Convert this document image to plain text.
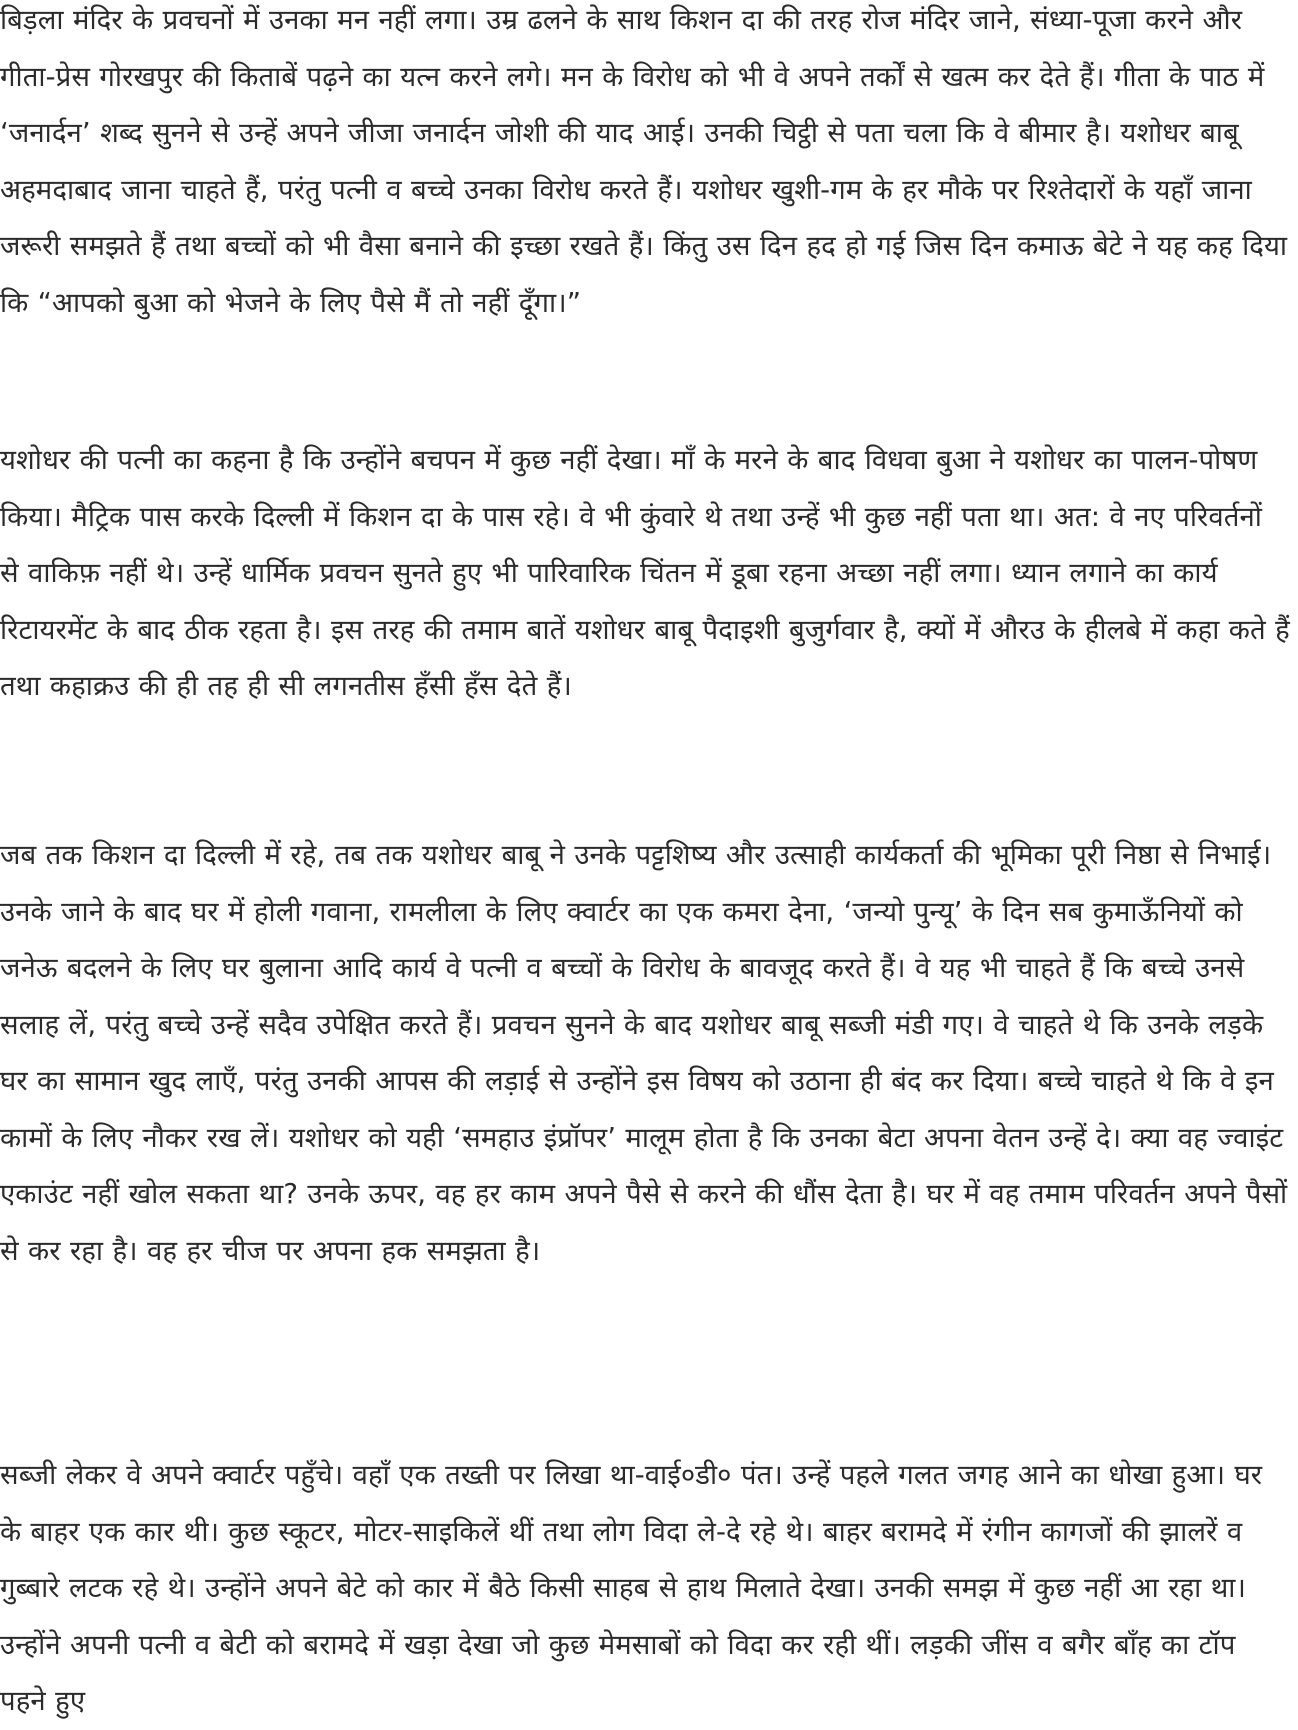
बिड़ला मंदिर के प्रवचनों में उनका मन नहीं लगा। उम्र ढलने के साथ किशन दा की तरह रोज मंदिर जाने, संध्या-पूजा करने और गीता-प्रेस गोरखपुर की किताबें पढ़ने का यत्न करने लगे। मन के विरोध को भी वे अपने तर्कों से खत्म कर देते हैं। गीता के पाठ में ‘जनार्दन’ शब्द सुनने से उन्हें अपने जीजा जनार्दन जोशी की याद आई। उनकी चिट्ठी से पता चला कि वे बीमार है। यशोधर बाबू अहमदाबाद जाना चाहते हैं, परंतु पत्नी व बच्चे उनका विरोध करते हैं। यशोधर खुशी-गम के हर मौके पर रिश्तेदारों के यहाँ जाना जरूरी समझते हैं तथा बच्चों को भी वैसा बनाने की इच्छा रखते हैं। किंतु उस दिन हद हो गई जिस दिन कमाऊ बेटे ने यह कह दिया कि “आपको बुआ को भेजने के लिए पैसे मैं तो नहीं दूँगा।”

यशोधर की पत्नी का कहना है कि उन्होंने बचपन में कुछ नहीं देखा। माँ के मरने के बाद विधवा बुआ ने यशोधर का पालन-पोषण किया। मैट्रिक पास करके दिल्ली में किशन दा के पास रहे। वे भी कुंवारे थे तथा उन्हें भी कुछ नहीं पता था। अत: वे नए परिवर्तनों से वाकिफ़ नहीं थे। उन्हें धार्मिक प्रवचन सुनते हुए भी पारिवारिक चिंतन में डूबा रहना अच्छा नहीं लगा। ध्यान लगाने का कार्य रिटायरमेंट के बाद ठीक रहता है। इस तरह की तमाम बातें यशोधर बाबू पैदाइशी बुजुर्गवार है, क्यों में औरउ के हीलबे में कहा कते हैं तथा कहाक्रउ की ही तह ही सी लगनतीस हँसी हँस देते हैं।

जब तक किशन दा दिल्ली में रहे, तब तक यशोधर बाबू ने उनके पट्टशिष्य और उत्साही कार्यकर्ता की भूमिका पूरी निष्ठा से निभाई। उनके जाने के बाद घर में होली गवाना, रामलीला के लिए क्वार्टर का एक कमरा देना, ‘जन्यो पुन्यू’ के दिन सब कुमाऊँनियों को जनेऊ बदलने के लिए घर बुलाना आदि कार्य वे पत्नी व बच्चों के विरोध के बावजूद करते हैं। वे यह भी चाहते हैं कि बच्चे उनसे सलाह लें, परंतु बच्चे उन्हें सदैव उपेक्षित करते हैं। प्रवचन सुनने के बाद यशोधर बाबू सब्जी मंडी गए। वे चाहते थे कि उनके लड़के घर का सामान खुद लाएँ, परंतु उनकी आपस की लड़ाई से उन्होंने इस विषय को उठाना ही बंद कर दिया। बच्चे चाहते थे कि वे इन कामों के लिए नौकर रख लें। यशोधर को यही ‘समहाउ इंप्रॉपर’ मालूम होता है कि उनका बेटा अपना वेतन उन्हें दे। क्या वह ज्वाइंट एकाउंट नहीं खोल सकता था? उनके ऊपर, वह हर काम अपने पैसे से करने की धौंस देता है। घर में वह तमाम परिवर्तन अपने पैसों से कर रहा है। वह हर चीज पर अपना हक समझता है।

सब्जी लेकर वे अपने क्वार्टर पहुँचे। वहाँ एक तख्ती पर लिखा था-वाई०डी० पंत। उन्हें पहले गलत जगह आने का धोखा हुआ। घर के बाहर एक कार थी। कुछ स्कूटर, मोटर-साइकिलें थीं तथा लोग विदा ले-दे रहे थे। बाहर बरामदे में रंगीन कागजों की झालरें व गुब्बारे लटक रहे थे। उन्होंने अपने बेटे को कार में बैठे किसी साहब से हाथ मिलाते देखा। उनकी समझ में कुछ नहीं आ रहा था। उन्होंने अपनी पत्नी व बेटी को बरामदे में खड़ा देखा जो कुछ मेमसाबों को विदा कर रही थीं। लड़की जींस व बगैर बाँह का टॉप पहने हुए
